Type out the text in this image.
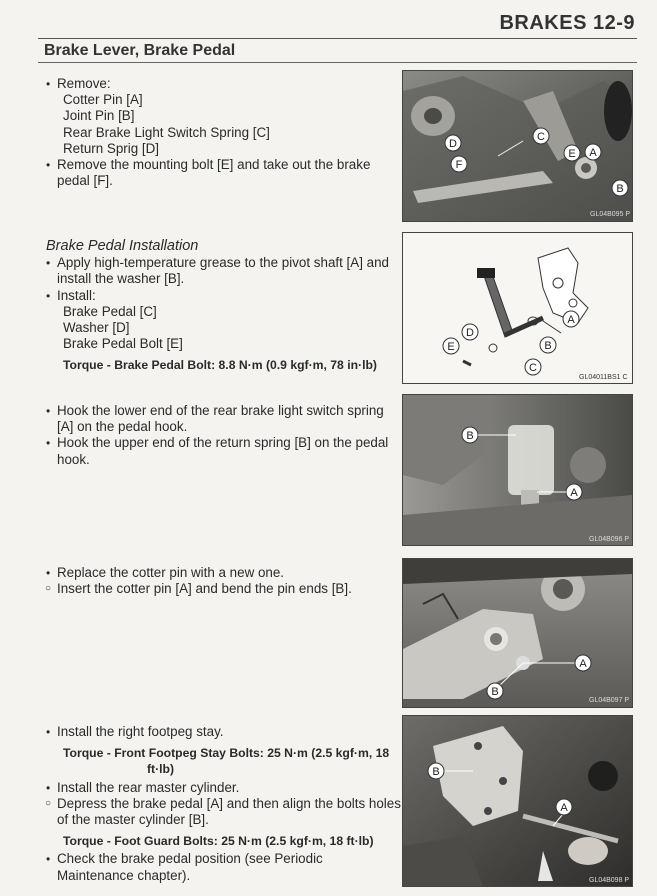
BRAKES 12-9
Brake Lever, Brake Pedal
• Remove:
Cotter Pin [A]
Joint Pin [B]
Rear Brake Light Switch Spring [C]
Return Sprig [D]
• Remove the mounting bolt [E] and take out the brake pedal [F].
Brake Pedal Installation
• Apply high-temperature grease to the pivot shaft [A] and install the washer [B].
• Install:
Brake Pedal [C]
Washer [D]
Brake Pedal Bolt [E]
Torque - Brake Pedal Bolt: 8.8 N·m (0.9 kgf·m, 78 in·lb)
• Hook the lower end of the rear brake light switch spring [A] on the pedal hook.
• Hook the upper end of the return spring [B] on the pedal hook.
• Replace the cotter pin with a new one.
○ Insert the cotter pin [A] and bend the pin ends [B].
• Install the right footpeg stay.
Torque - Front Footpeg Stay Bolts: 25 N·m (2.5 kgf·m, 18
ft·lb)
• Install the rear master cylinder.
○ Depress the brake pedal [A] and then align the bolts holes of the master cylinder [B].
Torque - Foot Guard Bolts: 25 N·m (2.5 kgf·m, 18 ft·lb)
• Check the brake pedal position (see Periodic Maintenance chapter).
D
C
F
E A
B
GL04B095 P
D
E
A
B
C
GL04011BS1 C
B
A
GL04B096 P
A
B
GL04B097 P
B
A
GL04B098 P
